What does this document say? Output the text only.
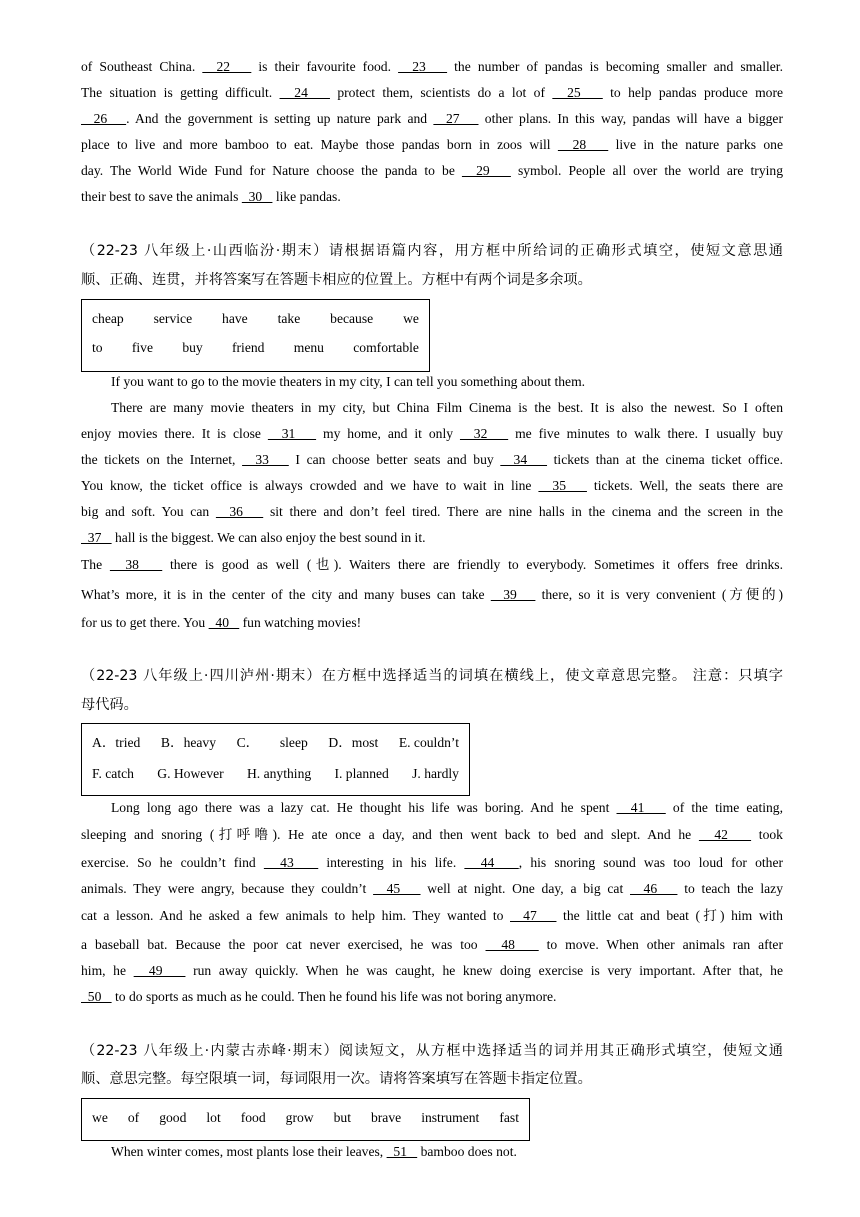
of Southeast China.   22    is their favourite food.   23    the number of pandas is becoming smaller and smaller.
The situation is getting difficult.   24    protect them, scientists do a lot of   25    to help pandas produce more
26   . And the government is setting up nature park and   27    other plans. In this way, pandas will have a bigger
place to live and more bamboo to eat. Maybe those pandas born in zoos will   28    live in the nature parks one
day. The World Wide Fund for Nature choose the panda to be   29    symbol. People all over the world are trying
their best to save the animals   30    like pandas.
（22-23 八年级上·山西临汾·期末）请根据语篇内容，用方框中所给词的正确形式填空，使短文意思通
顺、正确、连贯，并将答案写在答题卡相应的位置上。方框中有两个词是多余项。
cheap service have take because we
to five buy friend menu comfortable
If you want to go to the movie theaters in my city, I can tell you something about them.
There are many movie theaters in my city, but China Film Cinema is the best. It is also the newest. So I often
enjoy movies there. It is close   31    my home, and it only   32    me five minutes to walk there. I usually buy
the tickets on the Internet,   33    I can choose better seats and buy   34    tickets than at the cinema ticket office.
You know, the ticket office is always crowded and we have to wait in line   35    tickets. Well, the seats there are
big and soft. You can   36    sit there and don’t feel tired. There are nine halls in the cinema and the screen in the
37    hall is the biggest. We can also enjoy the best sound in it.
The   38    there is good as well (也). Waiters there are friendly to everybody. Sometimes it offers free drinks.
What’s more, it is in the center of the city and many buses can take   39    there, so it is very convenient (方便的)
for us to get there. You   40    fun watching movies!
（22-23 八年级上·四川泸州·期末）在方框中选择适当的词填在横线上，使文章意思完整。 注意：只填字
母代码。
A．tried B．heavy C． sleep D．most E. couldn’t
F. catch G. However H. anything I. planned J. hardly
Long long ago there was a lazy cat. He thought his life was boring. And he spent   41    of the time eating,
sleeping and snoring (打呼噜). He ate once a day, and then went back to bed and slept. And he   42    took
exercise. So he couldn’t find   43    interesting in his life.   44   , his snoring sound was too loud for other
animals. They were angry, because they couldn’t   45    well at night. One day, a big cat   46    to teach the lazy
cat a lesson. And he asked a few animals to help him. They wanted to   47    the little cat and beat (打) him with
a baseball bat. Because the poor cat never exercised, he was too   48    to move. When other animals ran after
him, he   49    run away quickly. When he was caught, he knew doing exercise is very important. After that, he
50    to do sports as much as he could. Then he found his life was not boring anymore.
（22-23 八年级上·内蒙古赤峰·期末）阅读短文，从方框中选择适当的词并用其正确形式填空，使短文通
顺、意思完整。每空限填一词，每词限用一次。请将答案填写在答题卡指定位置。
we of good lot food grow but brave instrument fast
When winter comes, most plants lose their leaves,   51    bamboo does not.
